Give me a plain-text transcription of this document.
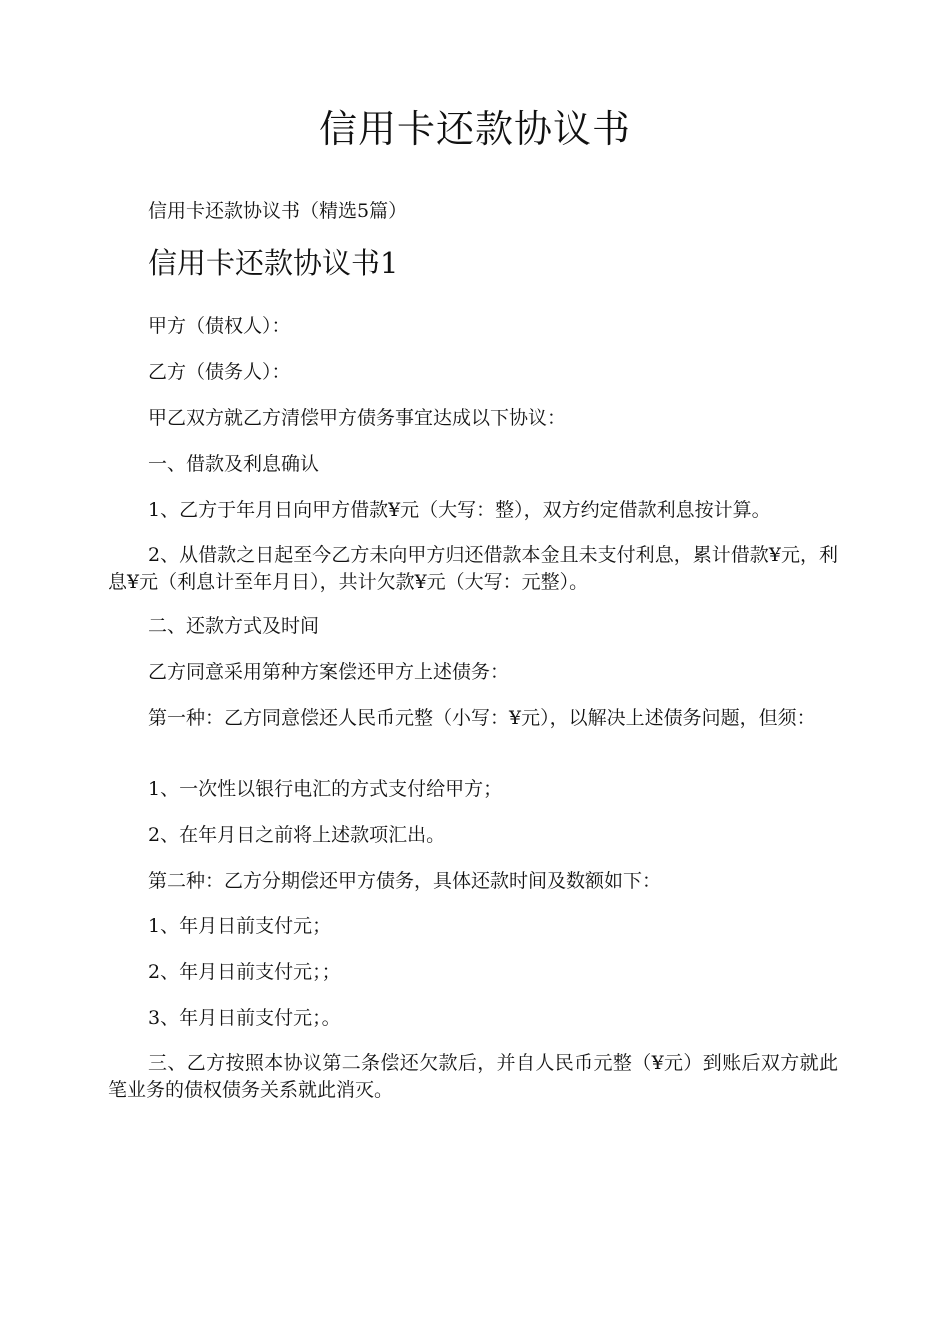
信用卡还款协议书

信用卡还款协议书（精选5篇）

信用卡还款协议书1

甲方（债权人）：

乙方（债务人）：

甲乙双方就乙方清偿甲方债务事宜达成以下协议：

一、借款及利息确认

1、乙方于年月日向甲方借款¥元（大写：整），双方约定借款利息按计算。

2、从借款之日起至今乙方未向甲方归还借款本金且未支付利息，累计借款¥元，利息¥元（利息计至年月日），共计欠款¥元（大写：元整）。

二、还款方式及时间

乙方同意采用第种方案偿还甲方上述债务：

第一种：乙方同意偿还人民币元整（小写：¥元），以解决上述债务问题，但须：

1、一次性以银行电汇的方式支付给甲方；

2、在年月日之前将上述款项汇出。

第二种：乙方分期偿还甲方债务，具体还款时间及数额如下：

1、年月日前支付元；

2、年月日前支付元；；

3、年月日前支付元；。

三、乙方按照本协议第二条偿还欠款后，并自人民币元整（¥元）到账后双方就此笔业务的债权债务关系就此消灭。
